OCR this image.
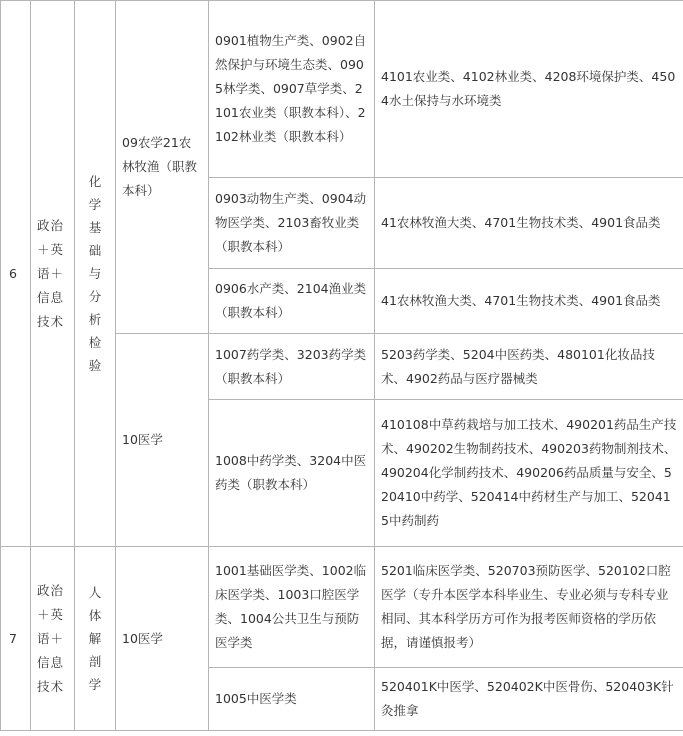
6	政治＋英语＋信息技术	化学基础与分析检验	09农学21农林牧渔（职教本科）	0901植物生产类、0902自然保护与环境生态类、0905林学类、0907草学类、2101农业类（职教本科）、2102林业类（职教本科）	4101农业类、4102林业类、4208环境保护类、4504水土保持与水环境类
				0903动物生产类、0904动物医学类、2103畜牧业类（职教本科）	41农林牧渔大类、4701生物技术类、4901食品类
				0906水产类、2104渔业类（职教本科）	41农林牧渔大类、4701生物技术类、4901食品类
			10医学	1007药学类、3203药学类（职教本科）	5203药学类、5204中医药类、480101化妆品技术、4902药品与医疗器械类
				1008中药学类、3204中医药类（职教本科）	410108中草药栽培与加工技术、490201药品生产技术、490202生物制药技术、490203药物制剂技术、490204化学制药技术、490206药品质量与安全、520410中药学、520414中药材生产与加工、520415中药制药
7	政治＋英语＋信息技术	人体解剖学	10医学	1001基础医学类、1002临床医学类、1003口腔医学类、1004公共卫生与预防医学类	5201临床医学类、520703预防医学、520102口腔医学（专升本医学本科毕业生、专业必须与专科专业相同、其本科学历方可作为报考医师资格的学历依据，请谨慎报考）
				1005中医学类	520401K中医学、520402K中医骨伤、520403K针灸推拿
